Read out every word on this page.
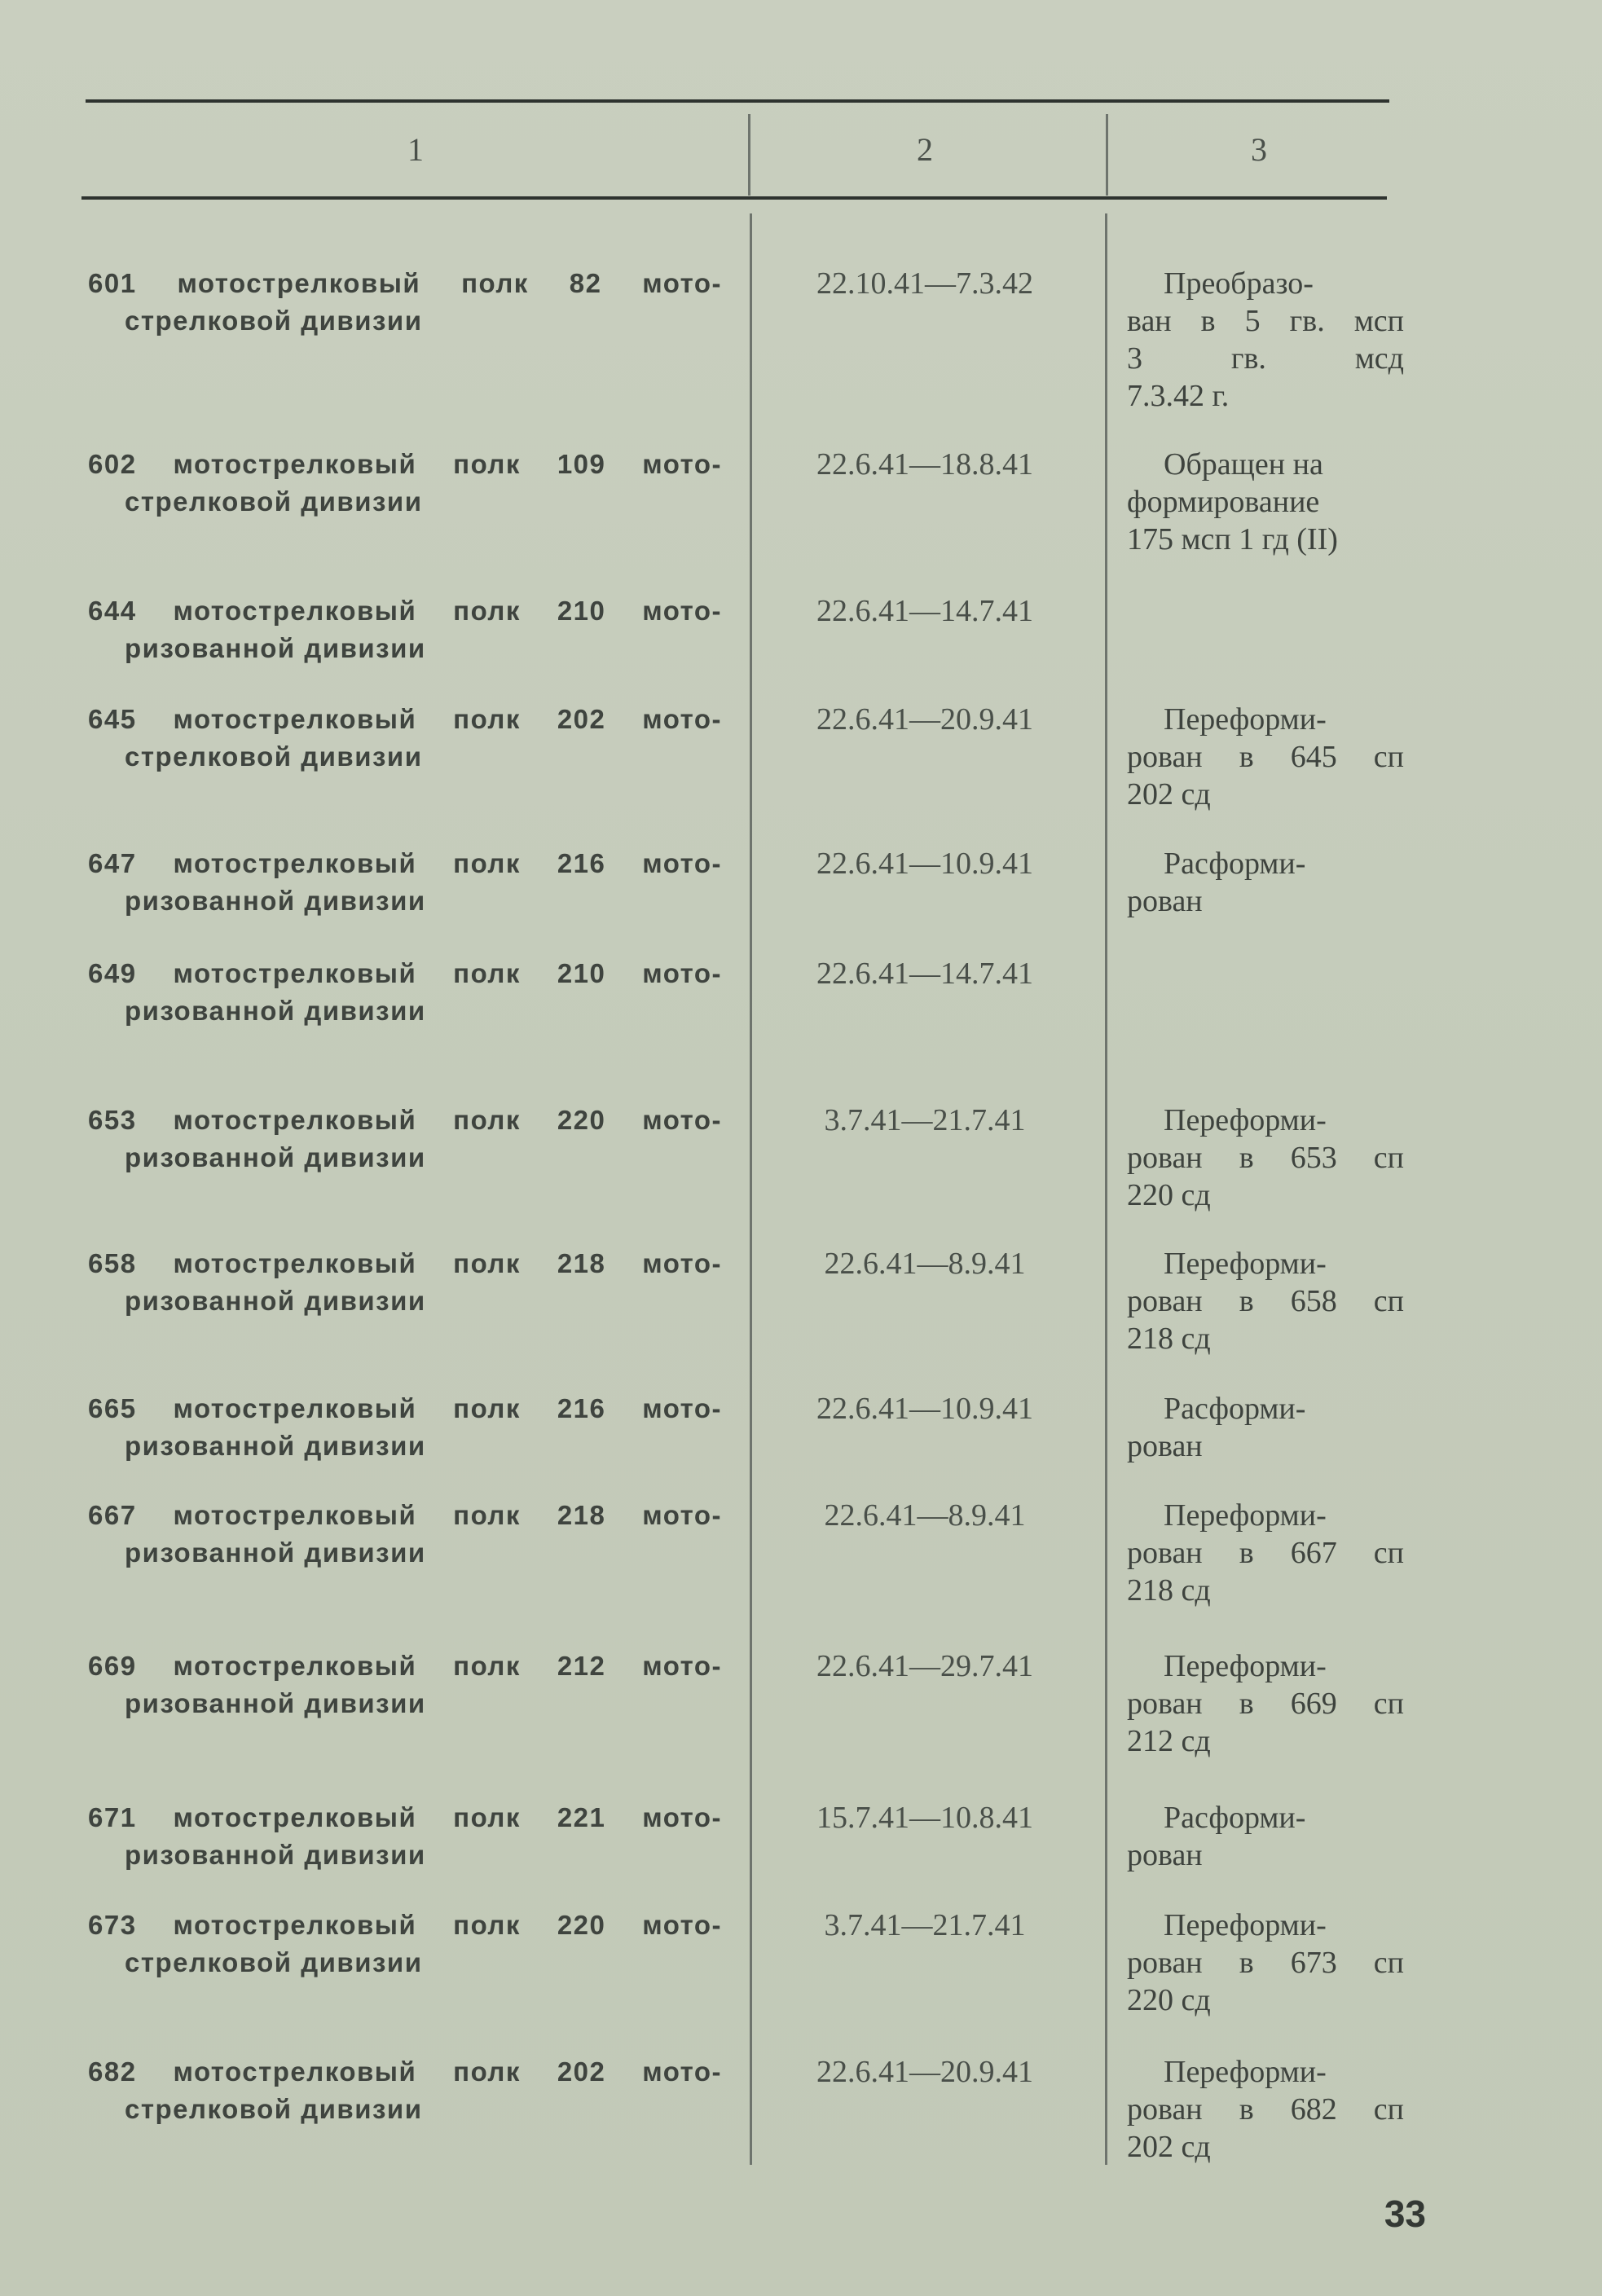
1	2	3
601 мотострелковый полк 82 мото-
стрелковой дивизии
22.10.41—7.3.42	Преобразо-
ван в 5 гв. мсп
3 гв. мсд
7.3.42 г.
602 мотострелковый полк 109 мото-
стрелковой дивизии
22.6.41—18.8.41	Обращен на
формирование
175 мсп 1 гд (II)
644 мотострелковый полк 210 мото-
ризованной дивизии
22.6.41—14.7.41
645 мотострелковый полк 202 мото-
стрелковой дивизии
22.6.41—20.9.41	Переформи-
рован в 645 сп
202 сд
647 мотострелковый полк 216 мото-
ризованной дивизии
22.6.41—10.9.41	Расформи-
рован
649 мотострелковый полк 210 мото-
ризованной дивизии
22.6.41—14.7.41
653 мотострелковый полк 220 мото-
ризованной дивизии
3.7.41—21.7.41	Переформи-
рован в 653 сп
220 сд
658 мотострелковый полк 218 мото-
ризованной дивизии
22.6.41—8.9.41	Переформи-
рован в 658 сп
218 сд
665 мотострелковый полк 216 мото-
ризованной дивизии
22.6.41—10.9.41	Расформи-
рован
667 мотострелковый полк 218 мото-
ризованной дивизии
22.6.41—8.9.41	Переформи-
рован в 667 сп
218 сд
669 мотострелковый полк 212 мото-
ризованной дивизии
22.6.41—29.7.41	Переформи-
рован в 669 сп
212 сд
671 мотострелковый полк 221 мото-
ризованной дивизии
15.7.41—10.8.41	Расформи-
рован
673 мотострелковый полк 220 мото-
стрелковой дивизии
3.7.41—21.7.41	Переформи-
рован в 673 сп
220 сд
682 мотострелковый полк 202 мото-
стрелковой дивизии
22.6.41—20.9.41	Переформи-
рован в 682 сп
202 сд
33
